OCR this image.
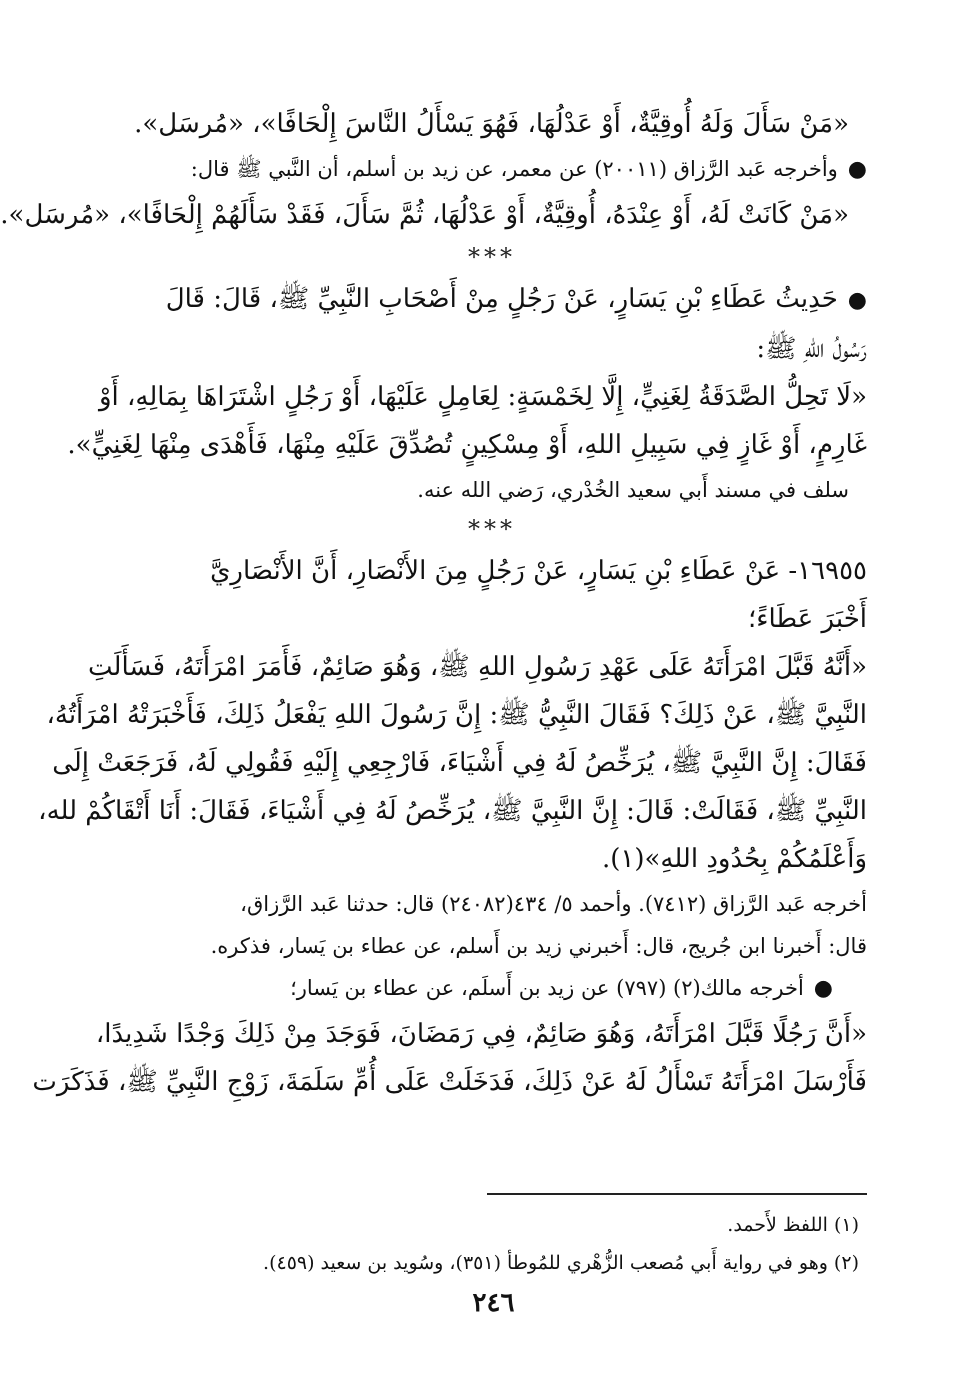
«مَنْ سَأَلَ وَلَهُ أُوقِيَّةٌ، أَوْ عَدْلُهَا، فَهُوَ يَسْأَلُ النَّاسَ إِلْحَافًا»، «مُرسَل».

●وأخرجه عَبد الرَّزاق (٢٠٠١١) عن معمر، عن زيد بن أسلم، أن النَّبي ﷺ قال:

«مَنْ كَانَتْ لَهُ، أَوْ عِنْدَهُ، أُوقِيَّةٌ، أَوْ عَدْلُهَا، ثُمَّ سَأَلَ، فَقَدْ سَأَلَهُمْ إِلْحَافًا»، «مُرسَل».

***

●حَدِيثُ عَطَاءِ بْنِ يَسَارٍ، عَنْ رَجُلٍ مِنْ أَصْحَابِ النَّبِيِّ ﷺ، قَالَ: قَالَ

رَسُولُ اللهِ ﷺ:

«لَا تَحِلُّ الصَّدَقَةُ لِغَنِيٍّ، إِلَّا لِخَمْسَةٍ: لِعَامِلٍ عَلَيْهَا، أَوْ رَجُلٍ اشْتَرَاهَا بِمَالِهِ، أَوْ

غَارِمٍ، أَوْ غَازٍ فِي سَبِيلِ اللهِ، أَوْ مِسْكِينٍ تُصُدِّقَ عَلَيْهِ مِنْهَا، فَأَهْدَى مِنْهَا لِغَنِيٍّ».

سلف في مسند أَبي سعيد الخُدْري، رَضي الله عنه.

***

١٦٩٥٥- عَنْ عَطَاءِ بْنِ يَسَارٍ، عَنْ رَجُلٍ مِنَ الأَنْصَارِ، أَنَّ الأَنْصَارِيَّ

أَخْبَرَ عَطَاءً؛

«أَنَّهُ قَبَّلَ امْرَأَتَهُ عَلَى عَهْدِ رَسُولِ اللهِ ﷺ، وَهُوَ صَائِمٌ، فَأَمَرَ امْرَأَتَهُ، فَسَأَلَتِ

النَّبِيَّ ﷺ، عَنْ ذَلِكَ؟ فَقَالَ النَّبِيُّ ﷺ: إِنَّ رَسُولَ اللهِ يَفْعَلُ ذَلِكَ، فَأَخْبَرَتْهُ امْرَأَتُهُ،

فَقَالَ: إِنَّ النَّبِيَّ ﷺ، يُرَخِّصُ لَهُ فِي أَشْيَاءَ، فَارْجِعِي إِلَيْهِ فَقُولِي لَهُ، فَرَجَعَتْ إِلَى

النَّبِيِّ ﷺ، فَقَالَتْ: قَالَ: إِنَّ النَّبِيَّ ﷺ، يُرَخِّصُ لَهُ فِي أَشْيَاءَ، فَقَالَ: أَنَا أَتْقَاكُمْ لله،

وَأَعْلَمُكُمْ بِحُدُودِ اللهِ»(١).

أخرجه عَبد الرَّزاق (٧٤١٢). وأحمد ٥/ ٤٣٤(٢٤٠٨٢) قال: حدثنا عَبد الرَّزاق،

قال: أَخبرنا ابن جُريج، قال: أَخبرني زيد بن أَسلم، عن عطاء بن يَسار، فذكره.

●أخرجه مالك(٢) (٧٩٧) عن زيد بن أَسلَم، عن عطاء بن يَسار؛

«أَنَّ رَجُلًا قَبَّلَ امْرَأَتَهُ، وَهُوَ صَائِمٌ، فِي رَمَضَانَ، فَوَجَدَ مِنْ ذَلِكَ وَجْدًا شَدِيدًا،

فَأَرْسَلَ امْرَأَتَهُ تَسْأَلُ لَهُ عَنْ ذَلِكَ، فَدَخَلَتْ عَلَى أُمِّ سَلَمَةَ، زَوْجِ النَّبِيِّ ﷺ، فَذَكَرَت

(١) اللفظ لأَحمد.

(٢) وهو في رواية أَبي مُصعب الزُّهْري للمُوطأ (٣٥١)، وسُويد بن سعيد (٤٥٩).

٢٤٦
